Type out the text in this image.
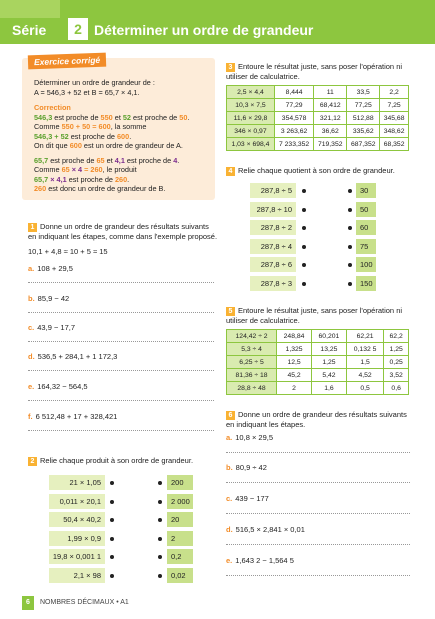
Série	2 Déterminer un ordre de grandeur
Exercice corrigé
Déterminer un ordre de grandeur de :
A = 546,3 + 52 et B = 65,7 × 4,1.
Correction
546,3 est proche de 550 et 52 est proche de 50.
Comme 550 + 50 = 600, la somme
546,3 + 52 est proche de 600.
On dit que 600 est un ordre de grandeur de A.
65,7 est proche de 65 et 4,1 est proche de 4.
Comme 65 × 4 = 260, le produit
65,7 × 4,1 est proche de 260.
260 est donc un ordre de grandeur de B.
1 Donne un ordre de grandeur des résultats suivants en indiquant les étapes, comme dans l'exemple proposé.
10,1 + 4,8 ≈ 10 + 5 ≈ 15
a. 108 + 29,5
b. 85,9 − 42
c. 43,9 − 17,7
d. 536,5 + 284,1 + 1 172,3
e. 164,32 − 564,5
f. 6 512,48 + 17 + 328,421
2 Relie chaque produit à son ordre de grandeur.
21 × 1,05	200
0,011 × 20,1	2 000
50,4 × 40,2	20
1,99 × 0,9	2
19,8 × 0,001 1	0,2
2,1 × 98	0,02
3 Entoure le résultat juste, sans poser l'opération ni utiliser de calculatrice.
2,5 × 4,4	8,444	11	33,5	2,2
10,3 × 7,5	77,29	68,412	77,25	7,25
11,6 × 29,8	354,578	321,12	512,88	345,68
346 × 0,97	3 263,62	36,62	335,62	348,62
1,03 × 698,4	7 233,352	719,352	687,352	68,352
4 Relie chaque quotient à son ordre de grandeur.
287,8 ÷ 5	30
287,8 ÷ 10	50
287,8 ÷ 2	60
287,8 ÷ 4	75
287,8 ÷ 6	100
287,8 ÷ 3	150
5 Entoure le résultat juste, sans poser l'opération ni utiliser de calculatrice.
124,42 ÷ 2	248,84	60,201	62,21	62,2
5,3 ÷ 4	1,325	13,25	0,132 5	1,25
6,25 ÷ 5	12,5	1,25	1,5	0,25
81,36 ÷ 18	45,2	5,42	4,52	3,52
28,8 ÷ 48	2	1,6	0,5	0,6
6 Donne un ordre de grandeur des résultats suivants en indiquant les étapes.
a. 10,8 × 29,5
b. 80,9 ÷ 42
c. 439 − 177
d. 516,5 × 2,841 × 0,01
e. 1,643 2 − 1,564 5
6 NOMBRES DÉCIMAUX • A1
